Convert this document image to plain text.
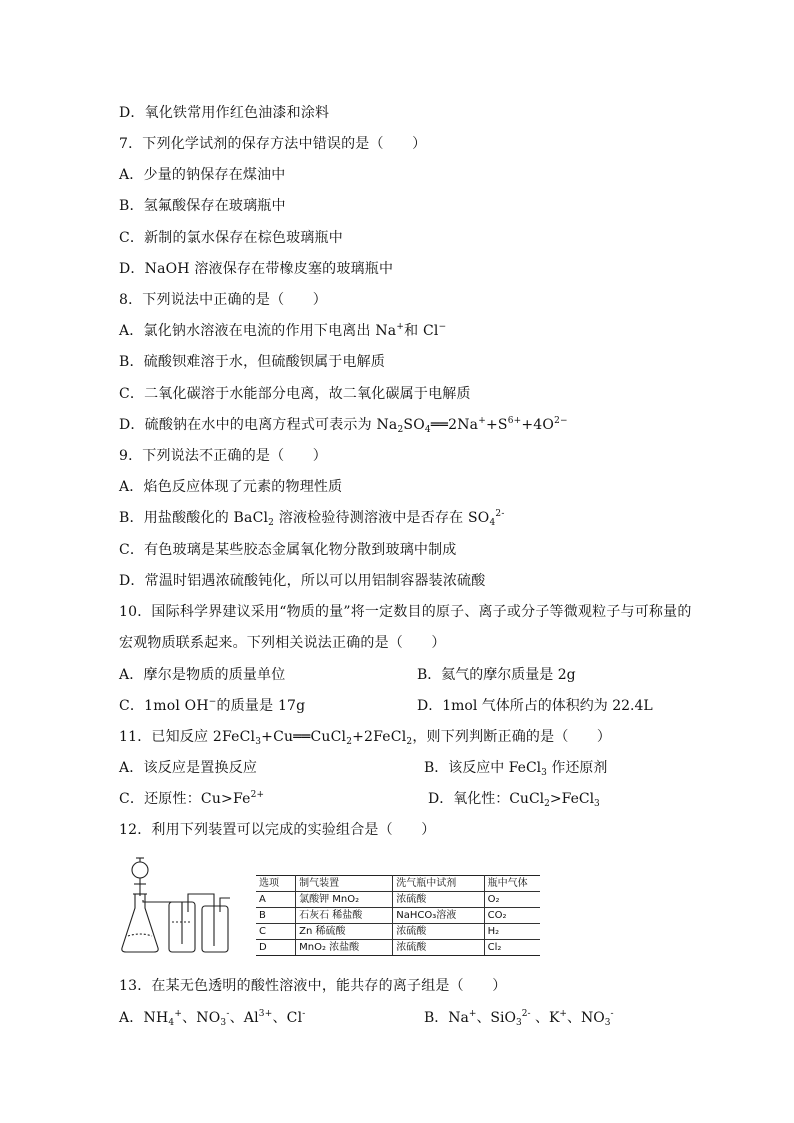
D．氧化铁常用作红色油漆和涂料
7．下列化学试剂的保存方法中错误的是（　　）
A．少量的钠保存在煤油中
B．氢氟酸保存在玻璃瓶中
C．新制的氯水保存在棕色玻璃瓶中
D．NaOH 溶液保存在带橡皮塞的玻璃瓶中
8．下列说法中正确的是（　　）
A．氯化钠水溶液在电流的作用下电离出 Na+和 Cl−
B．硫酸钡难溶于水，但硫酸钡属于电解质
C．二氧化碳溶于水能部分电离，故二氧化碳属于电解质
D．硫酸钠在水中的电离方程式可表示为 $Na_2SO_4══2Na^++S^{6+}+4O^{2-}$
9．下列说法不正确的是（　　）
A．焰色反应体现了元素的物理性质
B．用盐酸酸化的 BaCl$_2$ 溶液检验待测溶液中是否存在 $SO_4^{2-}$
C．有色玻璃是某些胶态金属氧化物分散到玻璃中制成
D．常温时铝遇浓硫酸钝化，所以可以用铝制容器装浓硫酸
10．国际科学界建议采用“物质的量”将一定数目的原子、离子或分子等微观粒子与可称量的
宏观物质联系起来。下列相关说法正确的是（　　）
A．摩尔是物质的质量单位	B．氦气的摩尔质量是 2g
C．1mol OH−的质量是 17g	D．1mol 气体所占的体积约为 22.4L
11．已知反应 2FeCl$_3$+Cu══CuCl$_2$+2FeCl$_2$，则下列判断正确的是（　　）
A．该反应是置换反应	B．该反应中 FeCl$_3$ 作还原剂
C．还原性：$Cu>Fe^{2+}$	D．氧化性：CuCl$_2$>FeCl$_3$
12．利用下列装置可以完成的实验组合是（　　）
选项	制气装置	洗气瓶中试剂	瓶中气体
A	氯酸钾 MnO₂	浓硫酸	O₂
B	石灰石 稀盐酸	NaHCO₃溶液	CO₂
C	Zn 稀硫酸	浓硫酸	H₂
D	MnO₂ 浓盐酸	浓硫酸	Cl₂
13．在某无色透明的酸性溶液中，能共存的离子组是（　　）
A．$NH_4^+$、$NO_3^-$、$Al^{3+}$、Cl-	B．Na+、SiO$_3^{2-}$ 、K+、$NO_3^-$
